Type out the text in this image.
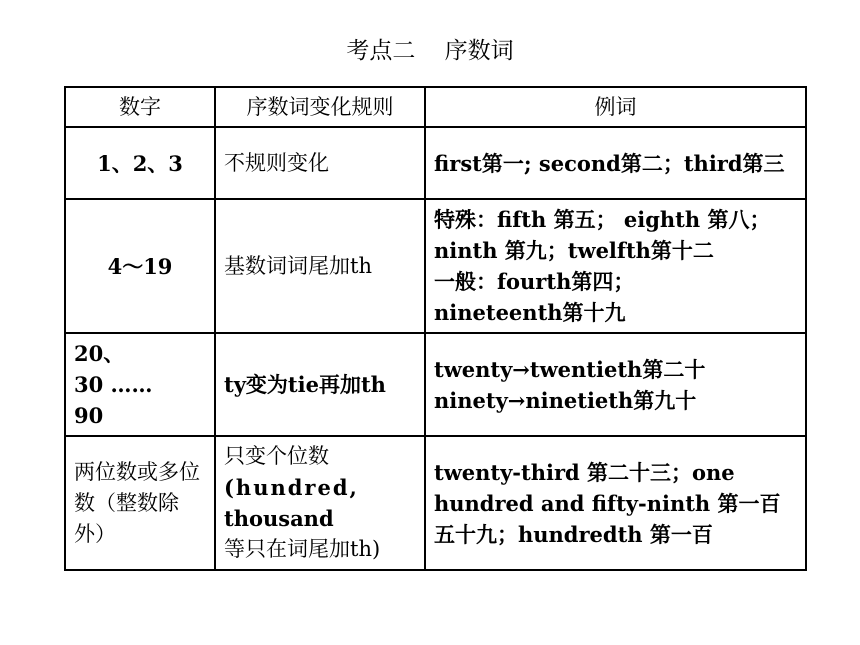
考点二    序数词
数字	序数词变化规则	例词

1、2、3	不规则变化	first第一; second第二；third第三

4～19	基数词词尾加th	特殊：fifth 第五； eighth 第八；
ninth 第九；twelfth第十二
一般：fourth第四；
nineteenth第十九

20、
30 ……
90	ty变为tie再加th	twenty→twentieth第二十
ninety→ninetieth第九十

两位数或多位数（整数除外）	只变个位数
(hundred,
thousand
等只在词尾加th)	twenty-third 第二十三；one hundred and fifty-ninth 第一百五十九；hundredth 第一百
